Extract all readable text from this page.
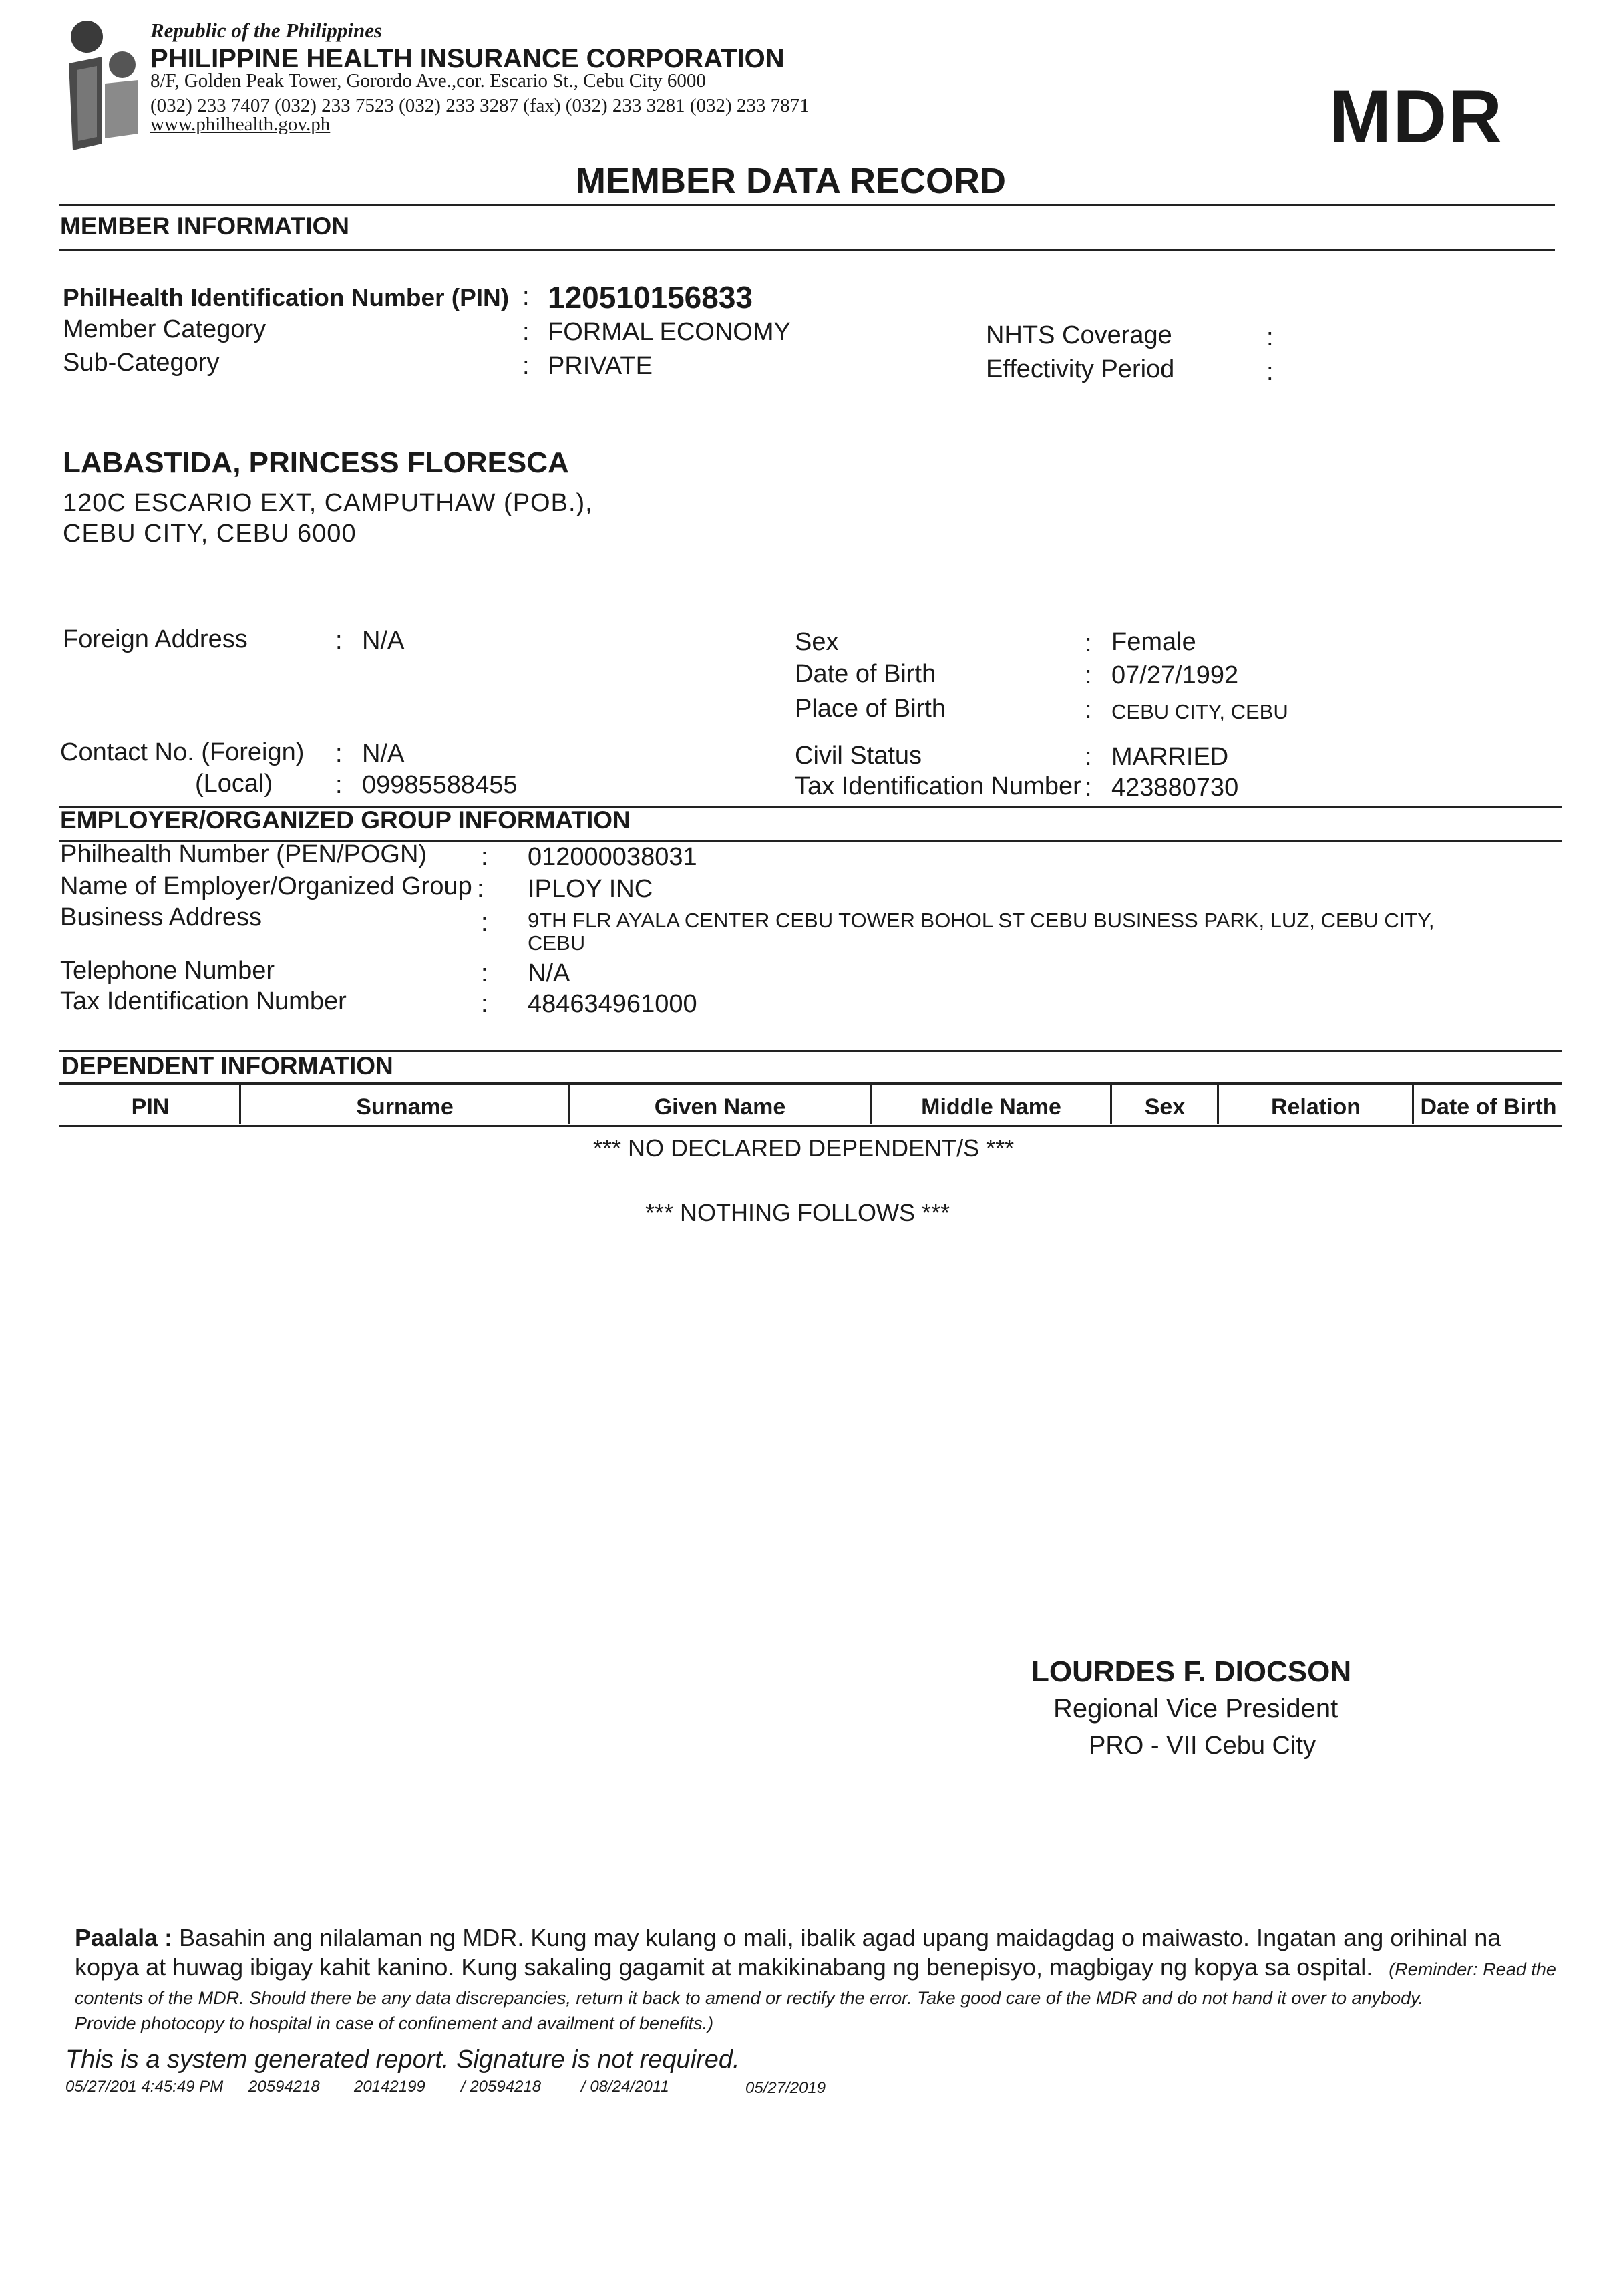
Republic of the Philippines
PHILIPPINE HEALTH INSURANCE CORPORATION
8/F, Golden Peak Tower, Gorordo Ave.,cor. Escario St., Cebu City 6000
(032) 233 7407 (032) 233 7523 (032) 233 3287 (fax) (032) 233 3281 (032) 233 7871
www.philhealth.gov.ph	MDR
MEMBER DATA RECORD
MEMBER INFORMATION
PhilHealth Identification Number (PIN) : 120510156833
Member Category	: FORMAL ECONOMY
Sub-Category	: PRIVATE
NHTS Coverage	:
Effectivity Period	:
LABASTIDA, PRINCESS FLORESCA
120C ESCARIO EXT, CAMPUTHAW (POB.),
CEBU CITY, CEBU 6000
Foreign Address	: N/A
Contact No. (Foreign) : N/A
(Local) : 09985588455
Sex	: Female
Date of Birth	: 07/27/1992
Place of Birth	: CEBU CITY, CEBU
Civil Status	: MARRIED
Tax Identification Number : 423880730
EMPLOYER/ORGANIZED GROUP INFORMATION
Philhealth Number (PEN/POGN) : 012000038031
Name of Employer/Organized Group : IPLOY INC
Business Address	: 9TH FLR AYALA CENTER CEBU TOWER BOHOL ST CEBU BUSINESS PARK, LUZ, CEBU CITY,
CEBU
Telephone Number	: N/A
Tax Identification Number	: 484634961000
DEPENDENT INFORMATION
PIN	Surname	Given Name	Middle Name	Sex	Relation	Date of Birth
*** NO DECLARED DEPENDENT/S ***
*** NOTHING FOLLOWS ***
LOURDES F. DIOCSON
Regional Vice President
PRO - VII Cebu City
Paalala : Basahin ang nilalaman ng MDR. Kung may kulang o mali, ibalik agad upang maidagdag o maiwasto. Ingatan ang orihinal na
kopya at huwag ibigay kahit kanino. Kung sakaling gagamit at makikinabang ng benepisyo, magbigay ng kopya sa ospital. (Reminder: Read the
contents of the MDR. Should there be any data discrepancies, return it back to amend or rectify the error. Take good care of the MDR and do not hand it over to anybody.
Provide photocopy to hospital in case of confinement and availment of benefits.)
This is a system generated report. Signature is not required.
05/27/201 4:45:49 PM 20594218 20142199 / 20594218 / 08/24/2011	05/27/2019
